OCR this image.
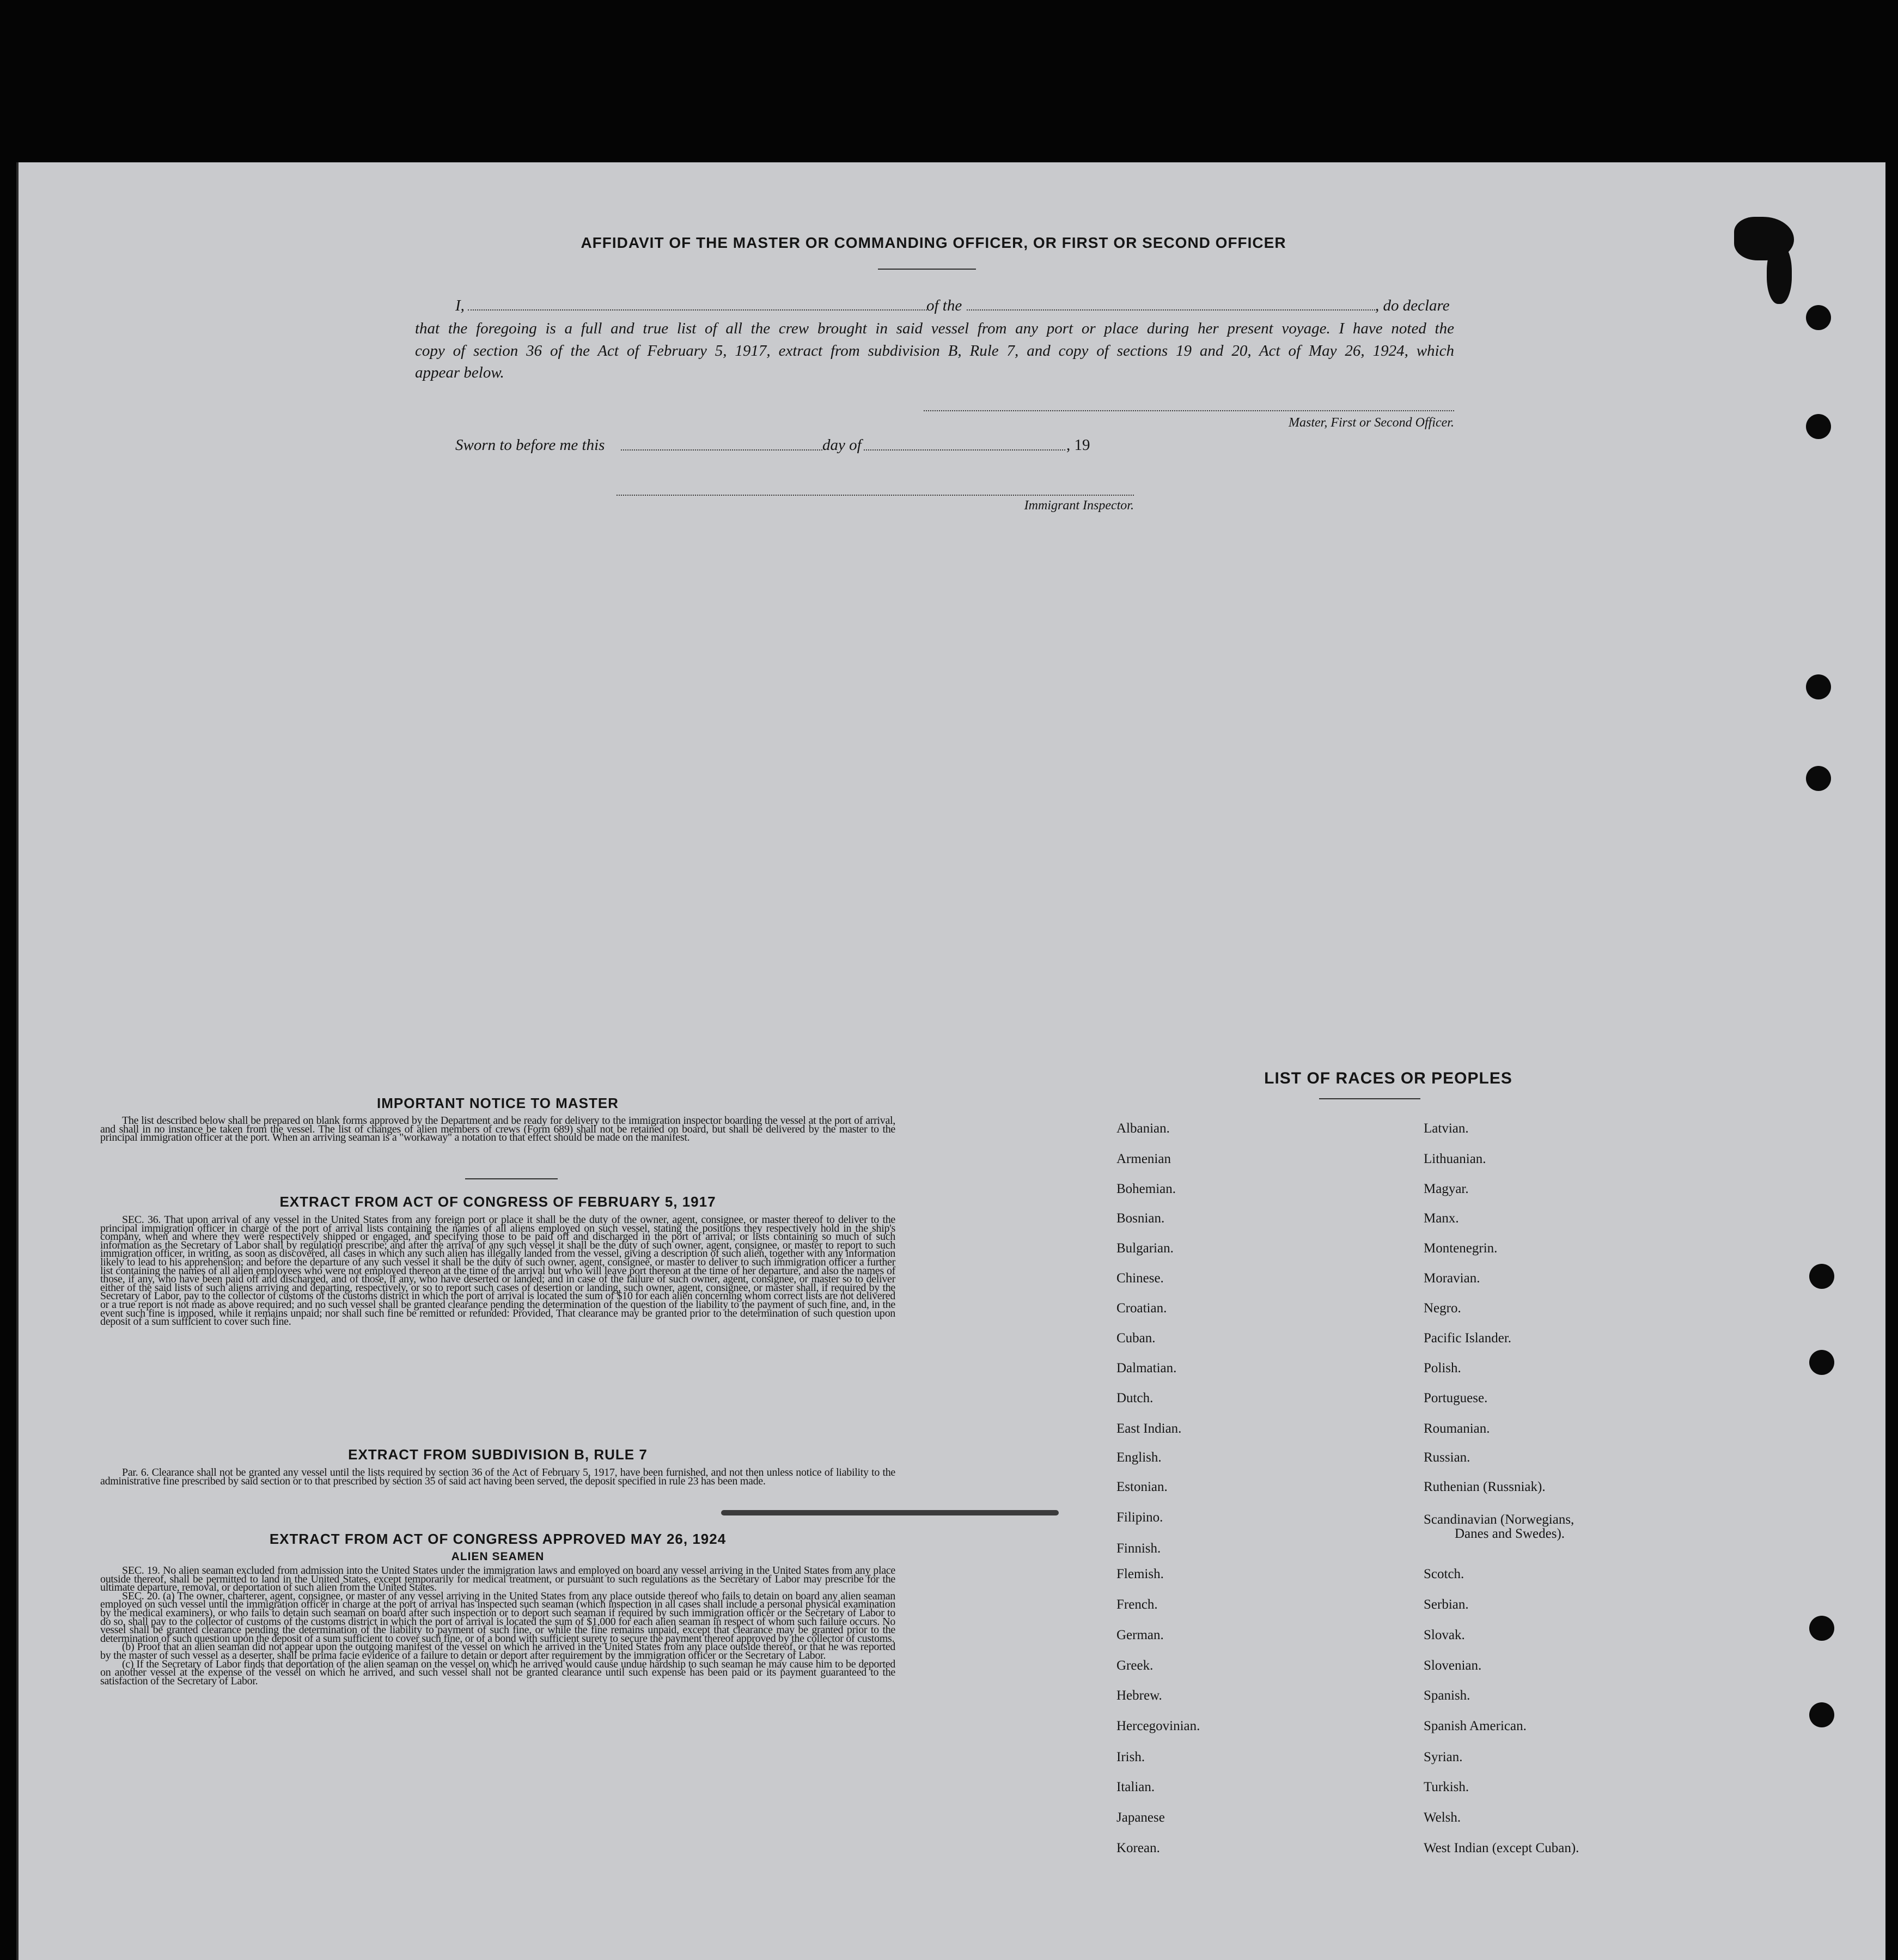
AFFIDAVIT OF THE MASTER OR COMMANDING OFFICER, OR FIRST OR SECOND OFFICER
I,	of the	, do declare
that the foregoing is a full and true list of all the crew brought in said vessel from any port or place during her present voyage. I have noted the
copy of section 36 of the Act of February 5, 1917, extract from subdivision B, Rule 7, and copy of sections 19 and 20, Act of May 26, 1924, which
appear below.
Master, First or Second Officer.
Sworn to before me this	day of	, 19
Immigrant Inspector.
IMPORTANT NOTICE TO MASTER

The list described below shall be prepared on blank forms approved by the Department and be ready for delivery to the immigration inspector boarding the vessel at the port of arrival, and shall in no instance be taken from the vessel. The list of changes of alien members of crews (Form 689) shall not be retained on board, but shall be delivered by the master to the principal immigration officer at the port. When an arriving seaman is a "workaway" a notation to that effect should be made on the manifest.

EXTRACT FROM ACT OF CONGRESS OF FEBRUARY 5, 1917

SEC. 36. That upon arrival of any vessel in the United States from any foreign port or place it shall be the duty of the owner, agent, consignee, or master thereof to deliver to the principal immigration officer in charge of the port of arrival lists containing the names of all aliens employed on such vessel, stating the positions they respectively hold in the ship's company, when and where they were respectively shipped or engaged, and specifying those to be paid off and discharged in the port of arrival; or lists containing so much of such information as the Secretary of Labor shall by regulation prescribe; and after the arrival of any such vessel it shall be the duty of such owner, agent, consignee, or master to report to such immigration officer, in writing, as soon as discovered, all cases in which any such alien has illegally landed from the vessel, giving a description of such alien, together with any information likely to lead to his apprehension; and before the departure of any such vessel it shall be the duty of such owner, agent, consignee, or master to deliver to such immigration officer a further list containing the names of all alien employees who were not employed thereon at the time of the arrival but who will leave port thereon at the time of her departure, and also the names of those, if any, who have been paid off and discharged, and of those, if any, who have deserted or landed; and in case of the failure of such owner, agent, consignee, or master so to deliver either of the said lists of such aliens arriving and departing, respectively, or so to report such cases of desertion or landing, such owner, agent, consignee, or master shall, if required by the Secretary of Labor, pay to the collector of customs of the customs district in which the port of arrival is located the sum of $10 for each alien concerning whom correct lists are not delivered or a true report is not made as above required; and no such vessel shall be granted clearance pending the determination of the question of the liability to the payment of such fine, and, in the event such fine is imposed, while it remains unpaid; nor shall such fine be remitted or refunded: Provided, That clearance may be granted prior to the determination of such question upon deposit of a sum sufficient to cover such fine.

EXTRACT FROM SUBDIVISION B, RULE 7

Par. 6. Clearance shall not be granted any vessel until the lists required by section 36 of the Act of February 5, 1917, have been furnished, and not then unless notice of liability to the administrative fine prescribed by said section or to that prescribed by section 35 of said act having been served, the deposit specified in rule 23 has been made.

EXTRACT FROM ACT OF CONGRESS APPROVED MAY 26, 1924
ALIEN SEAMEN

SEC. 19. No alien seaman excluded from admission into the United States under the immigration laws and employed on board any vessel arriving in the United States from any place outside thereof, shall be permitted to land in the United States, except temporarily for medical treatment, or pursuant to such regulations as the Secretary of Labor may prescribe for the ultimate departure, removal, or deportation of such alien from the United States.

SEC. 20. (a) The owner, charterer, agent, consignee, or master of any vessel arriving in the United States from any place outside thereof who fails to detain on board any alien seaman employed on such vessel until the immigration officer in charge at the port of arrival has inspected such seaman (which inspection in all cases shall include a personal physical examination by the medical examiners), or who fails to detain such seaman on board after such inspection or to deport such seaman if required by such immigration officer or the Secretary of Labor to do so, shall pay to the collector of customs of the customs district in which the port of arrival is located the sum of $1,000 for each alien seaman in respect of whom such failure occurs. No vessel shall be granted clearance pending the determination of the liability to payment of such fine, or while the fine remains unpaid, except that clearance may be granted prior to the determination of such question upon the deposit of a sum sufficient to cover such fine, or of a bond with sufficient surety to secure the payment thereof approved by the collector of customs.

(b) Proof that an alien seaman did not appear upon the outgoing manifest of the vessel on which he arrived in the United States from any place outside thereof, or that he was reported by the master of such vessel as a deserter, shall be prima facie evidence of a failure to detain or deport after requirement by the immigration officer or the Secretary of Labor.

(c) If the Secretary of Labor finds that deportation of the alien seaman on the vessel on which he arrived would cause undue hardship to such seaman he may cause him to be deported on another vessel at the expense of the vessel on which he arrived, and such vessel shall not be granted clearance until such expense has been paid or its payment guaranteed to the satisfaction of the Secretary of Labor.

LIST OF RACES OR PEOPLES
Albanian.
Armenian
Bohemian.
Bosnian.
Bulgarian.
Chinese.
Croatian.
Cuban.
Dalmatian.
Dutch.
East Indian.
English.
Estonian.
Filipino.
Finnish.
Flemish.
French.
German.
Greek.
Hebrew.
Hercegovinian.
Irish.
Italian.
Japanese
Korean.
Latvian.
Lithuanian.
Magyar.
Manx.
Montenegrin.
Moravian.
Negro.
Pacific Islander.
Polish.
Portuguese.
Roumanian.
Russian.
Ruthenian (Russniak).
Scandinavian (Norwegians,
Scotch.
Serbian.
Slovak.
Slovenian.
Spanish.
Spanish American.
Syrian.
Turkish.
Welsh.
West Indian (except Cuban).
Danes and Swedes).
